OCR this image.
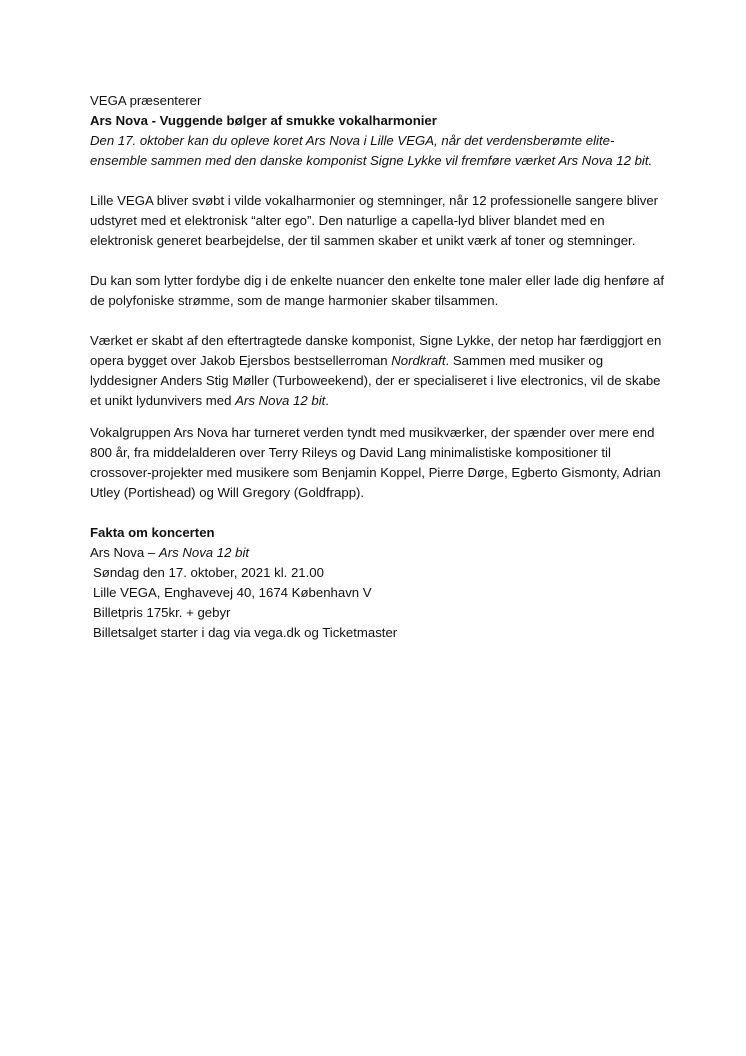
VEGA præsenterer

Ars Nova - Vuggende bølger af smukke vokalharmonier

Den 17. oktober kan du opleve koret Ars Nova i Lille VEGA, når det verdensberømte elite-ensemble sammen med den danske komponist Signe Lykke vil fremføre værket Ars Nova 12 bit.

Lille VEGA bliver svøbt i vilde vokalharmonier og stemninger, når 12 professionelle sangere bliver udstyret med et elektronisk “alter ego”. Den naturlige a capella-lyd bliver blandet med en elektronisk generet bearbejdelse, der til sammen skaber et unikt værk af toner og stemninger.

Du kan som lytter fordybe dig i de enkelte nuancer den enkelte tone maler eller lade dig henføre af de polyfoniske strømme, som de mange harmonier skaber tilsammen.

Værket er skabt af den eftertragtede danske komponist, Signe Lykke, der netop har færdiggjort en opera bygget over Jakob Ejersbos bestsellerroman Nordkraft. Sammen med musiker og lyddesigner Anders Stig Møller (Turboweekend), der er specialiseret i live electronics, vil de skabe et unikt lydunvivers med Ars Nova 12 bit.

Vokalgruppen Ars Nova har turneret verden tyndt med musikværker, der spænder over mere end 800 år, fra middelalderen over Terry Rileys og David Lang minimalistiske kompositioner til crossover-projekter med musikere som Benjamin Koppel, Pierre Dørge, Egberto Gismonty, Adrian Utley (Portishead) og Will Gregory (Goldfrapp).

Fakta om koncerten

Ars Nova – Ars Nova 12 bit

Søndag den 17. oktober, 2021 kl. 21.00

Lille VEGA, Enghavevej 40, 1674 København V

Billetpris 175kr. + gebyr

Billetsalget starter i dag via vega.dk og Ticketmaster
